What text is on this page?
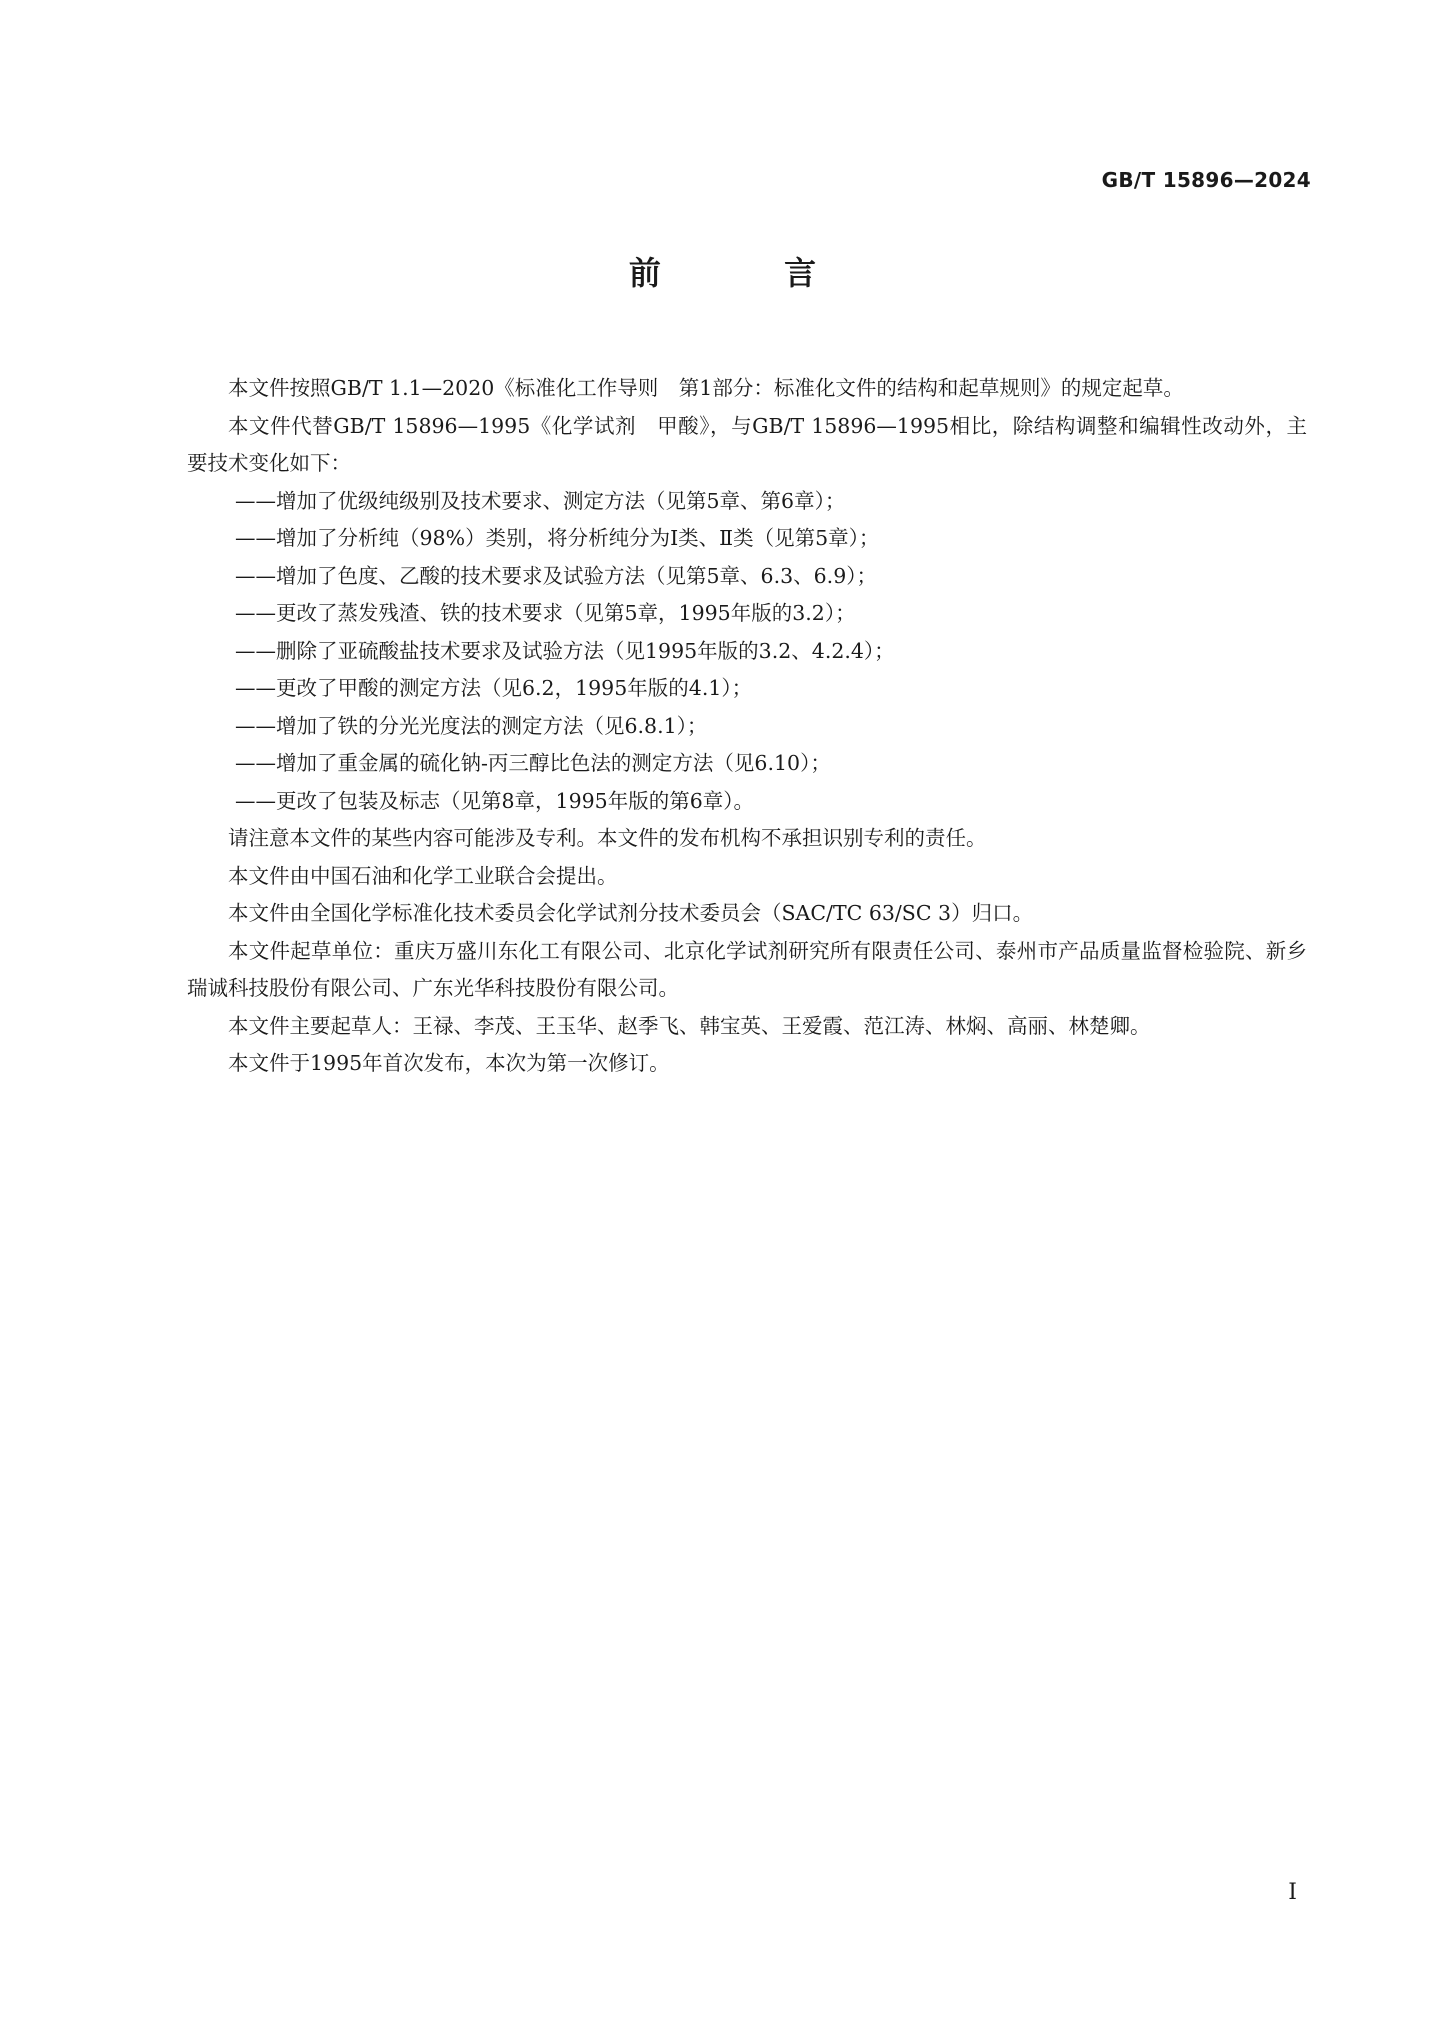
GB/T 15896—2024
前 言

本文件按照GB/T 1.1—2020《标准化工作导则　第1部分：标准化文件的结构和起草规则》的规定起草。

本文件代替GB/T 15896—1995《化学试剂　甲酸》，与GB/T 15896—1995相比，除结构调整和编辑性改动外，主要技术变化如下：

——增加了优级纯级别及技术要求、测定方法（见第5章、第6章）；

——增加了分析纯（98%）类别，将分析纯分为Ⅰ类、Ⅱ类（见第5章）；

——增加了色度、乙酸的技术要求及试验方法（见第5章、6.3、6.9）；

——更改了蒸发残渣、铁的技术要求（见第5章，1995年版的3.2）；

——删除了亚硫酸盐技术要求及试验方法（见1995年版的3.2、4.2.4）；

——更改了甲酸的测定方法（见6.2，1995年版的4.1）；

——增加了铁的分光光度法的测定方法（见6.8.1）；

——增加了重金属的硫化钠-丙三醇比色法的测定方法（见6.10）；

——更改了包装及标志（见第8章，1995年版的第6章）。

请注意本文件的某些内容可能涉及专利。本文件的发布机构不承担识别专利的责任。

本文件由中国石油和化学工业联合会提出。

本文件由全国化学标准化技术委员会化学试剂分技术委员会（SAC/TC 63/SC 3）归口。

本文件起草单位：重庆万盛川东化工有限公司、北京化学试剂研究所有限责任公司、泰州市产品质量监督检验院、新乡瑞诚科技股份有限公司、广东光华科技股份有限公司。

本文件主要起草人：王禄、李茂、王玉华、赵季飞、韩宝英、王爱霞、范江涛、林焖、高丽、林楚卿。

本文件于1995年首次发布，本次为第一次修订。

Ⅰ
